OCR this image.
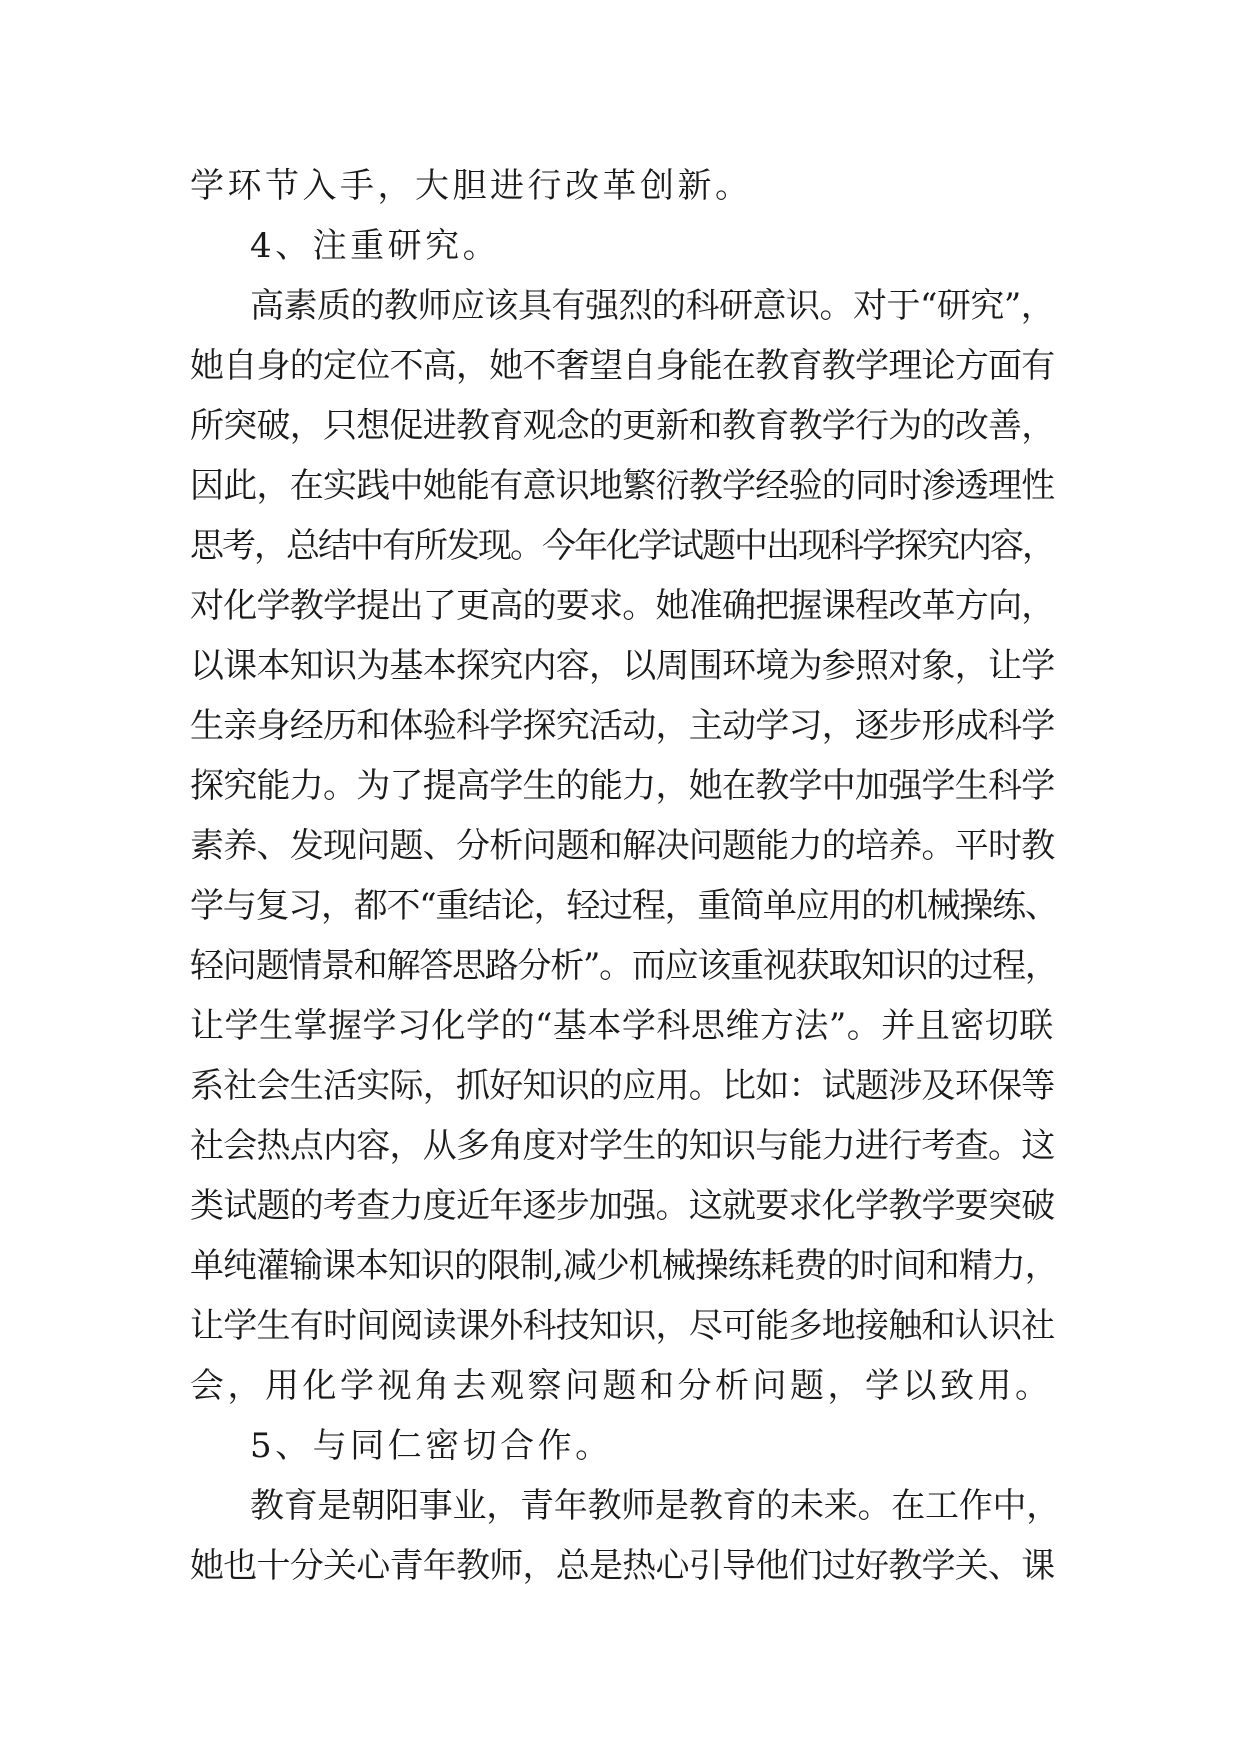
学环节入手，大胆进行改革创新。
4、注重研究。
高素质的教师应该具有强烈的科研意识。对于“研究”，
她自身的定位不高，她不奢望自身能在教育教学理论方面有
所突破，只想促进教育观念的更新和教育教学行为的改善，
因此，在实践中她能有意识地繁衍教学经验的同时渗透理性
思考，总结中有所发现。今年化学试题中出现科学探究内容，
对化学教学提出了更高的要求。她准确把握课程改革方向，
以课本知识为基本探究内容，以周围环境为参照对象，让学
生亲身经历和体验科学探究活动，主动学习，逐步形成科学
探究能力。为了提高学生的能力，她在教学中加强学生科学
素养、发现问题、分析问题和解决问题能力的培养。平时教
学与复习，都不“重结论，轻过程，重简单应用的机械操练、
轻问题情景和解答思路分析”。而应该重视获取知识的过程，
让学生掌握学习化学的“基本学科思维方法”。并且密切联
系社会生活实际，抓好知识的应用。比如：试题涉及环保等
社会热点内容，从多角度对学生的知识与能力进行考查。这
类试题的考查力度近年逐步加强。这就要求化学教学要突破
单纯灌输课本知识的限制,减少机械操练耗费的时间和精力，
让学生有时间阅读课外科技知识，尽可能多地接触和认识社
会，用化学视角去观察问题和分析问题，学以致用。
5、与同仁密切合作。
教育是朝阳事业，青年教师是教育的未来。在工作中，
她也十分关心青年教师，总是热心引导他们过好教学关、课
